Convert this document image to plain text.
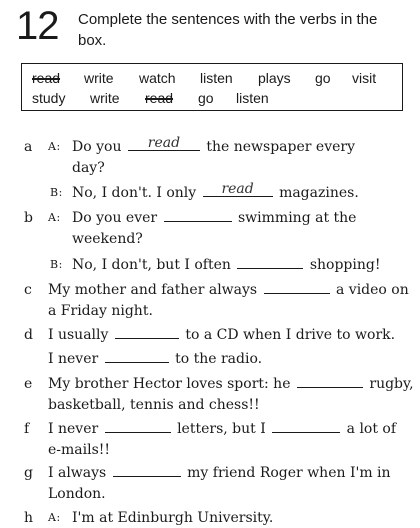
12 Complete the sentences with the verbs in the
box.
read write watch listen plays go visit
study write read go listen
a A: Do you	read	the newspaper every
day?
B: No, I don't. I only	read	magazines.
b A: Do you ever	swimming at the
weekend?
B: No, I don't, but I often	shopping!
c My mother and father always	a video on
a Friday night.
d I usually	to a CD when I drive to work.
I never	to the radio.
e My brother Hector loves sport: he	rugby,
basketball, tennis and chess!!
f I never	letters, but I	a lot of
e-mails!!
g I always	my friend Roger when I'm in
London.
h A: I'm at Edinburgh University.
